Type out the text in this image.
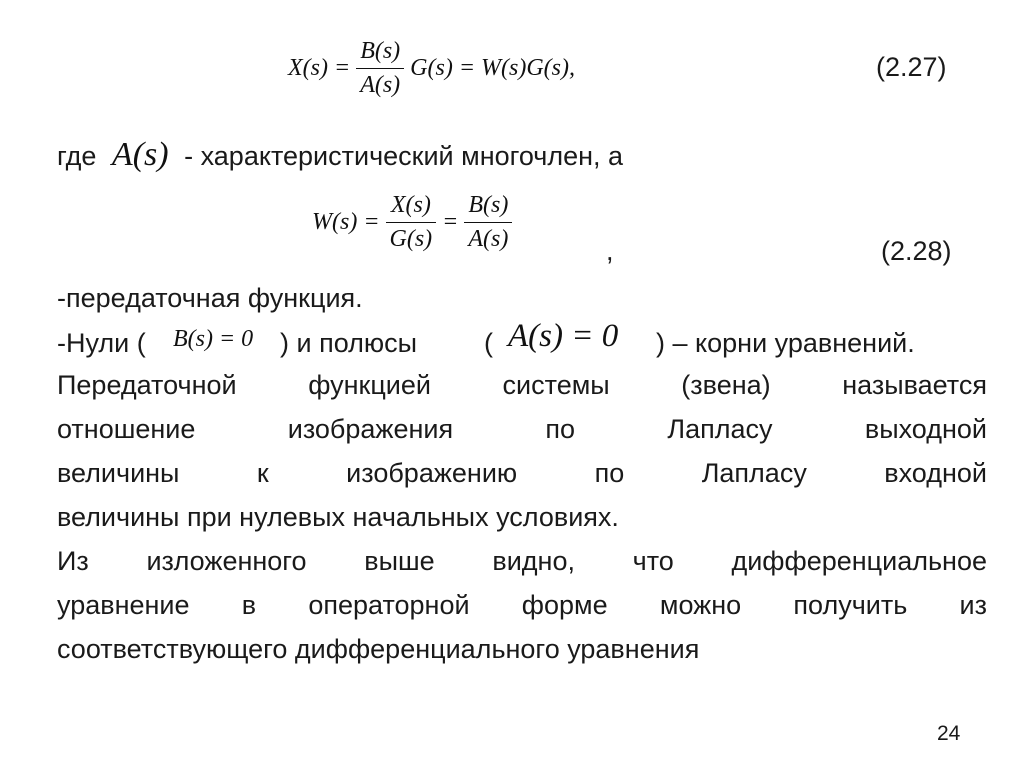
$X(s) = \frac{B(s)}{A(s)} G(s) = W(s)G(s)$,	(2.27)
где A(s) - характеристический многочлен, а
$W(s) = \frac{X(s)}{G(s)} = \frac{B(s)}{A(s)}$	,	(2.28)
-передаточная функция.
-Нули ( B(s) = 0 ) и полюсы ( A(s) = 0 ) – корни уравнений.
Передаточной функцией системы (звена) называется
отношение изображения по Лапласу выходной
величины к изображению по Лапласу входной
величины при нулевых начальных условиях.
Из изложенного выше видно, что дифференциальное
уравнение в операторной форме можно получить из
соответствующего дифференциального уравнения
24
